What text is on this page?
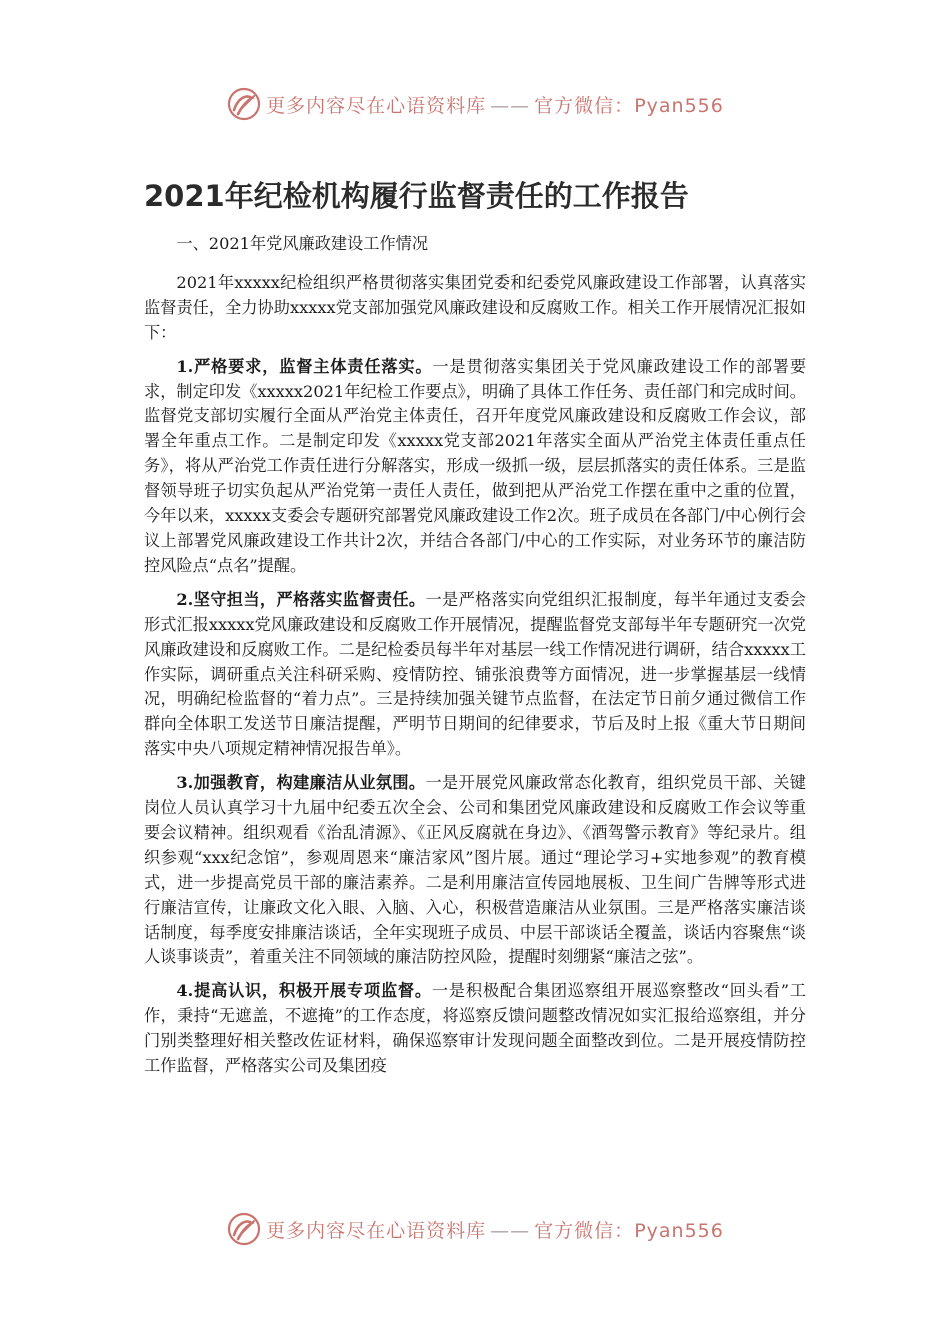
更多内容尽在心语资料库 —— 官方微信：Pyan556
2021年纪检机构履行监督责任的工作报告

一、2021年党风廉政建设工作情况

2021年xxxxx纪检组织严格贯彻落实集团党委和纪委党风廉政建设工作部署，认真落实监督责任，全力协助xxxxx党支部加强党风廉政建设和反腐败工作。相关工作开展情况汇报如下：

1.严格要求，监督主体责任落实。一是贯彻落实集团关于党风廉政建设工作的部署要求，制定印发《xxxxx2021年纪检工作要点》，明确了具体工作任务、责任部门和完成时间。监督党支部切实履行全面从严治党主体责任，召开年度党风廉政建设和反腐败工作会议，部署全年重点工作。二是制定印发《xxxxx党支部2021年落实全面从严治党主体责任重点任务》，将从严治党工作责任进行分解落实，形成一级抓一级，层层抓落实的责任体系。三是监督领导班子切实负起从严治党第一责任人责任，做到把从严治党工作摆在重中之重的位置，今年以来，xxxxx支委会专题研究部署党风廉政建设工作2次。班子成员在各部门/中心例行会议上部署党风廉政建设工作共计2次，并结合各部门/中心的工作实际，对业务环节的廉洁防控风险点“点名”提醒。

2.坚守担当，严格落实监督责任。一是严格落实向党组织汇报制度，每半年通过支委会形式汇报xxxxx党风廉政建设和反腐败工作开展情况，提醒监督党支部每半年专题研究一次党风廉政建设和反腐败工作。二是纪检委员每半年对基层一线工作情况进行调研，结合xxxxx工作实际，调研重点关注科研采购、疫情防控、铺张浪费等方面情况，进一步掌握基层一线情况，明确纪检监督的“着力点”。三是持续加强关键节点监督，在法定节日前夕通过微信工作群向全体职工发送节日廉洁提醒，严明节日期间的纪律要求，节后及时上报《重大节日期间落实中央八项规定精神情况报告单》。

3.加强教育，构建廉洁从业氛围。一是开展党风廉政常态化教育，组织党员干部、关键岗位人员认真学习十九届中纪委五次全会、公司和集团党风廉政建设和反腐败工作会议等重要会议精神。组织观看《治乱清源》、《正风反腐就在身边》、《酒驾警示教育》等纪录片。组织参观“xxx纪念馆”，参观周恩来“廉洁家风”图片展。通过“理论学习+实地参观”的教育模式，进一步提高党员干部的廉洁素养。二是利用廉洁宣传园地展板、卫生间广告牌等形式进行廉洁宣传，让廉政文化入眼、入脑、入心，积极营造廉洁从业氛围。三是严格落实廉洁谈话制度，每季度安排廉洁谈话，全年实现班子成员、中层干部谈话全覆盖，谈话内容聚焦“谈人谈事谈责”，着重关注不同领域的廉洁防控风险，提醒时刻绷紧“廉洁之弦”。

4.提高认识，积极开展专项监督。一是积极配合集团巡察组开展巡察整改“回头看”工作，秉持“无遮盖，不遮掩”的工作态度，将巡察反馈问题整改情况如实汇报给巡察组，并分门别类整理好相关整改佐证材料，确保巡察审计发现问题全面整改到位。二是开展疫情防控工作监督，严格落实公司及集团疫

更多内容尽在心语资料库 —— 官方微信：Pyan556
